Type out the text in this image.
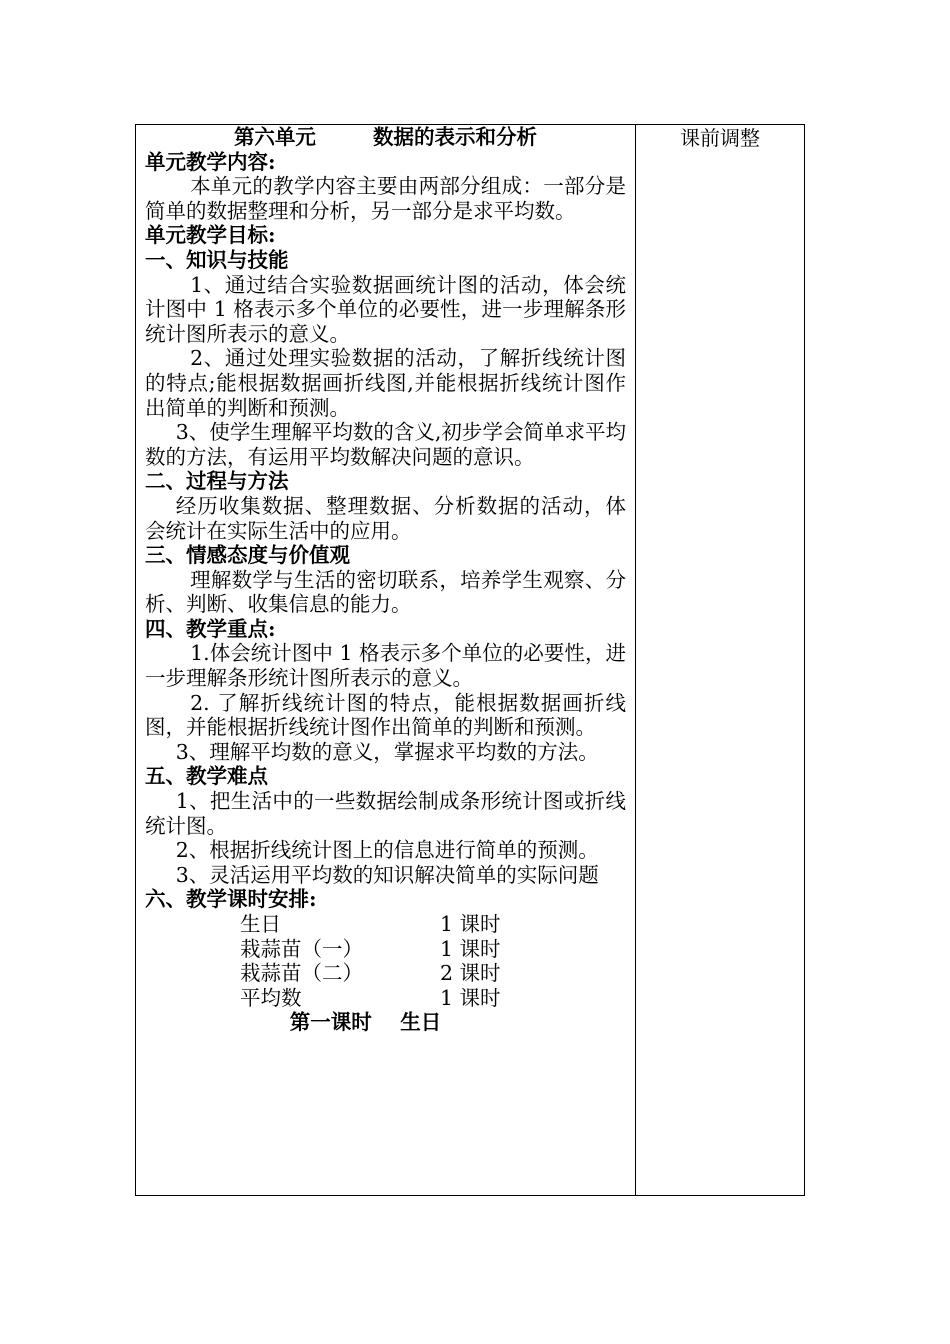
第六单元        数据的表示和分析
单元教学内容:
本单元的教学内容主要由两部分组成：一部分是简单的数据整理和分析，另一部分是求平均数。
单元教学目标:
一、知识与技能
1、通过结合实验数据画统计图的活动，体会统计图中 1 格表示多个单位的必要性，进一步理解条形统计图所表示的意义。
2、通过处理实验数据的活动，了解折线统计图的特点;能根据数据画折线图,并能根据折线统计图作出简单的判断和预测。
3、使学生理解平均数的含义,初步学会简单求平均数的方法，有运用平均数解决问题的意识。
二、过程与方法
经历收集数据、整理数据、分析数据的活动，体会统计在实际生活中的应用。
三、情感态度与价值观
理解数学与生活的密切联系，培养学生观察、分析、判断、收集信息的能力。
四、教学重点:
1.体会统计图中 1 格表示多个单位的必要性，进一步理解条形统计图所表示的意义。
2. 了解折线统计图的特点，能根据数据画折线图，并能根据折线统计图作出简单的判断和预测。
3、理解平均数的意义，掌握求平均数的方法。
五、教学难点
1、把生活中的一些数据绘制成条形统计图或折线统计图。
2、根据折线统计图上的信息进行简单的预测。
3、灵活运用平均数的知识解决简单的实际问题
六、教学课时安排:
生日	1 课时
栽蒜苗（一）	1 课时
栽蒜苗（二）	2 课时
平均数	1 课时
第一课时    生日
课前调整
